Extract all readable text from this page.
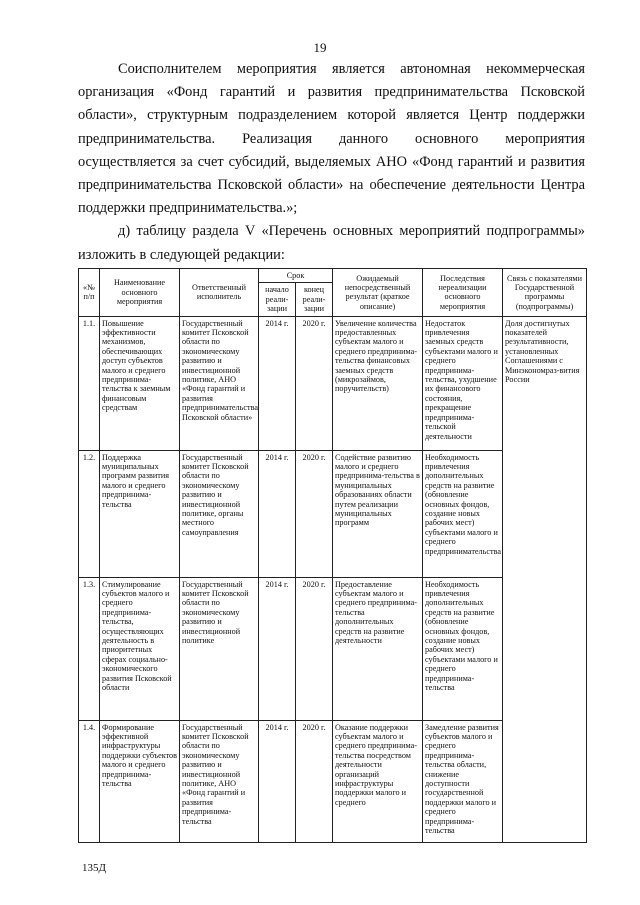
19

Соисполнителем мероприятия является автономная некоммерческая организация «Фонд гарантий и развития предпринимательства Псковской области», структурным подразделением которой является Центр поддержки предпринимательства. Реализация данного основного мероприятия осуществляется за счет субсидий, выделяемых АНО «Фонд гарантий и развития предпринимательства Псковской области» на обеспечение деятельности Центра поддержки предпринимательства.»;

д) таблицу раздела V «Перечень основных мероприятий подпрограммы» изложить в следующей редакции:

«№ п/п	Наименование основного мероприятия	Ответственный исполнитель	Срок		Ожидаемый непосредственный результат (краткое описание)	Последствия нереализации основного мероприятия	Связь с показателями Государственной программы (подпрограммы)
			начало реали-зации	конец реали-зации			
1.1.	Повышение эффективности механизмов, обеспечивающих доступ субъектов малого и среднего предпринима-тельства к заемным финансовым средствам	Государственный комитет Псковской области по экономическому развитию и инвестиционной политике, АНО «Фонд гарантий и развития предпринимательства Псковской области»	2014 г.	2020 г.	Увеличение количества предоставленных субъектам малого и среднего предпринима-тельства финансовых заемных средств (микрозаймов, поручительств)	Недостаток привлечения заемных средств субъектами малого и среднего предпринима-тельства, ухудшение их финансового состояния, прекращение предпринима-тельской деятельности	Доля достигнутых показателей результативности, установленных Соглашениями с Минэкономраз-вития России
1.2.	Поддержка муниципальных программ развития малого и среднего предпринима-тельства	Государственный комитет Псковской области по экономическому развитию и инвестиционной политике, органы местного самоуправления	2014 г.	2020 г.	Содействие развитию малого и среднего предпринима-тельства в муниципальных образованиях области путем реализации муниципальных программ	Необходимость привлечения дополнительных средств на развитие (обновление основных фондов, создание новых рабочих мест) субъектами малого и среднего предпринимательства	
1.3.	Стимулирование субъектов малого и среднего предпринима-тельства, осуществляющих деятельность в приоритетных сферах социально-экономического развития Псковской области	Государственный комитет Псковской области по экономическому развитию и инвестиционной политике	2014 г.	2020 г.	Предоставление субъектам малого и среднего предпринима-тельства дополнительных средств на развитие деятельности	Необходимость привлечения дополнительных средств на развитие (обновление основных фондов, создание новых рабочих мест) субъектами малого и среднего предпринима-тельства	
1.4.	Формирование эффективной инфраструктуры поддержки субъектов малого и среднего предпринима-тельства	Государственный комитет Псковской области по экономическому развитию и инвестиционной политике, АНО «Фонд гарантий и развития предпринима-тельства	2014 г.	2020 г.	Оказание поддержки субъектам малого и среднего предпринима-тельства посредством деятельности организаций инфраструктуры поддержки малого и среднего	Замедление развития субъектов малого и среднего предпринима-тельства области, снижение доступности государственной поддержки малого и среднего предпринима-тельства	
135Д
